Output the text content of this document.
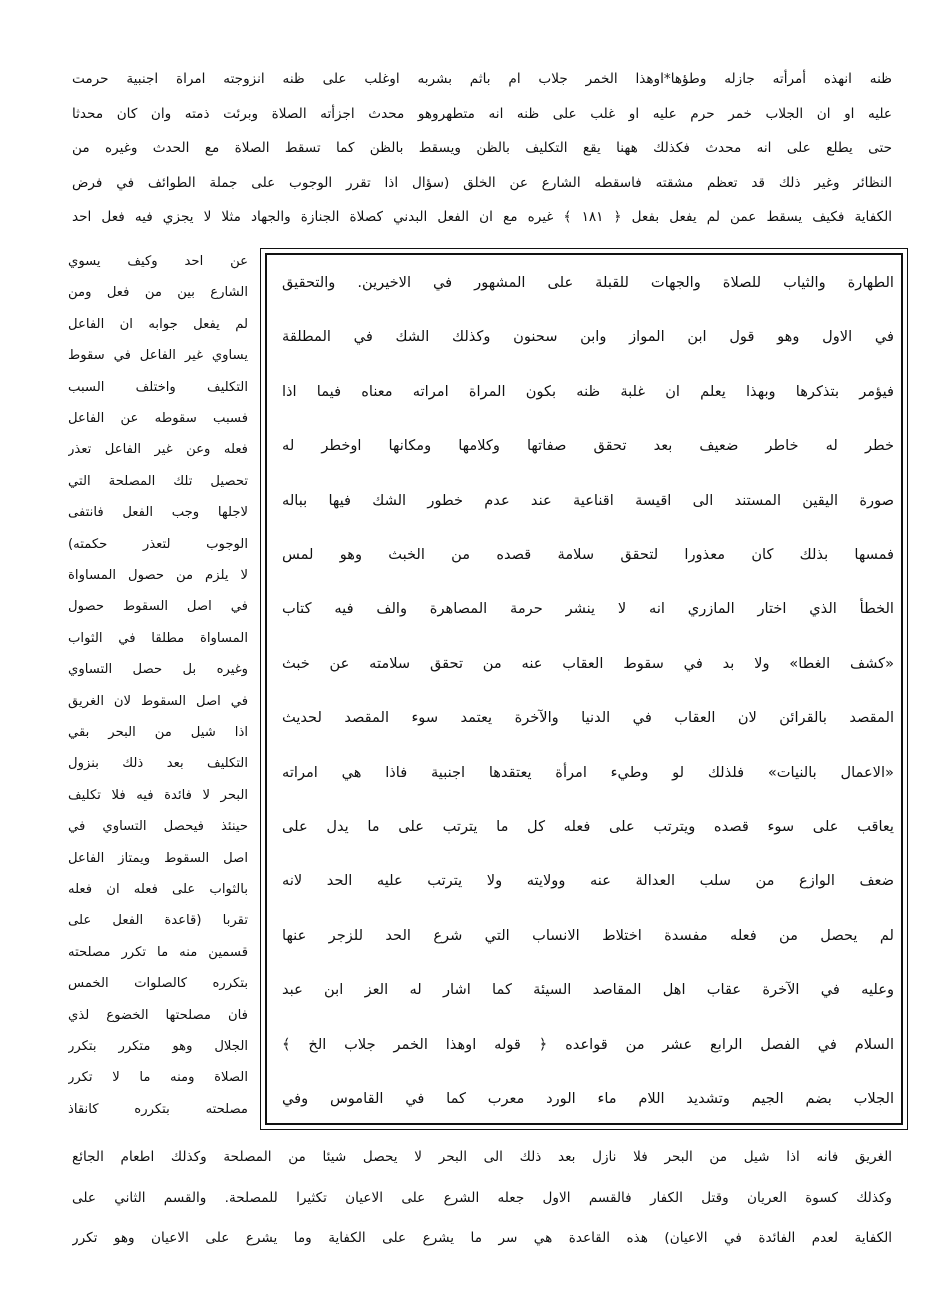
ظنه انهذه أمرأته جازله وطؤها*اوهذا الخمر جلاب ام باثم بشربه اوغلب على ظنه انزوجته امراة اجنبية حرمت
عليه او ان الجلاب خمر حرم عليه او غلب على ظنه انه متطهروهو محدث اجزأته الصلاة وبرئت ذمته وان كان محدثا
حتى يطلع على انه محدث فكذلك ههنا يقع التكليف بالظن ويسقط بالظن كما تسقط الصلاة مع الحدث وغيره من
النظائر وغير ذلك قد تعظم مشقته فاسقطه الشارع عن الخلق (سؤال اذا تقرر الوجوب على جملة الطوائف في فرض
الكفاية فكيف يسقط عمن لم يفعل بفعل ﴿ ١٨١ ﴾ غيره مع ان الفعل البدني كصلاة الجنازة والجهاد مثلا لا يجزي فيه فعل احد
عن احد وكيف يسوي
الشارع بين من فعل ومن
لم يفعل جوابه ان الفاعل
يساوي غير الفاعل في سقوط
التكليف واختلف السبب
فسبب سقوطه عن الفاعل
فعله وعن غير الفاعل تعذر
تحصيل تلك المصلحة التي
لاجلها وجب الفعل فانتفى
الوجوب لتعذر حكمته)
لا يلزم من حصول المساواة
في اصل السقوط حصول
المساواة مطلقا في الثواب
وغيره بل حصل التساوي
في اصل السقوط لان الغريق
اذا شيل من البحر بقي
التكليف بعد ذلك بنزول
البحر لا فائدة فيه فلا تكليف
حينئذ فيحصل التساوي في
اصل السقوط ويمتاز الفاعل
بالثواب على فعله ان فعله
تقربا (قاعدة الفعل على
قسمين منه ما تكرر مصلحته
بتكرره كالصلوات الخمس
فان مصلحتها الخضوع لذي
الجلال وهو متكرر بتكرر
الصلاة ومنه ما لا تكرر
مصلحته بتكرره كانقاذ
الطهارة والثياب للصلاة والجهات للقبلة على المشهور في الاخيرين. والتحقيق
في الاول وهو قول ابن المواز وابن سحنون وكذلك الشك في المطلقة
فيؤمر بتذكرها وبهذا يعلم ان غلبة ظنه بكون المراة امراته معناه فيما اذا
خطر له خاطر ضعيف بعد تحقق صفاتها وكلامها ومكانها اوخطر له
صورة اليقين المستند الى اقيسة اقناعية عند عدم خطور الشك فيها بباله
فمسها بذلك كان معذورا لتحقق سلامة قصده من الخبث وهو لمس
الخطأ الذي اختار المازري انه لا ينشر حرمة المصاهرة والف فيه كتاب
«كشف الغطا» ولا بد في سقوط العقاب عنه من تحقق سلامته عن خبث
المقصد بالقرائن لان العقاب في الدنيا والآخرة يعتمد سوء المقصد لحديث
«الاعمال بالنيات» فلذلك لو وطيء امرأة يعتقدها اجنبية فاذا هي امراته
يعاقب على سوء قصده ويترتب على فعله كل ما يترتب على ما يدل على
ضعف الوازع من سلب العدالة عنه وولايته ولا يترتب عليه الحد لانه
لم يحصل من فعله مفسدة اختلاط الانساب التي شرع الحد للزجر عنها
وعليه في الآخرة عقاب اهل المقاصد السيئة كما اشار له العز ابن عبد
السلام في الفصل الرابع عشر من قواعده ﴿ قوله اوهذا الخمر جلاب الخ ﴾
الجلاب بضم الجيم وتشديد اللام ماء الورد معرب كما في القاموس وفي
الغريق فانه اذا شيل من البحر فلا نازل بعد ذلك الى البحر لا يحصل شيئا من المصلحة وكذلك اطعام الجائع
وكذلك كسوة العريان وقتل الكفار فالقسم الاول جعله الشرع على الاعيان تكثيرا للمصلحة. والقسم الثاني على
الكفاية لعدم الفائدة في الاعيان) هذه القاعدة هي سر ما يشرع على الكفاية وما يشرع على الاعيان وهو تكرر
